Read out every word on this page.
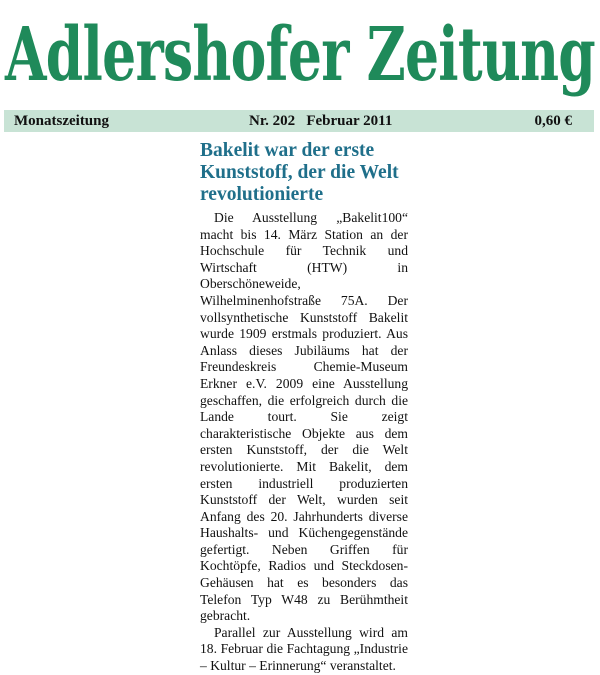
Adlershofer Zeitung
Monatszeitung	Nr. 202   Februar 2011	0,60 €
Bakelit war der erste Kunststoff, der die Welt revolutionierte

Die Ausstellung „Bakelit100“ macht bis 14. März Station an der Hochschule für Technik und Wirtschaft (HTW) in Oberschöneweide, Wilhelminenhofstraße 75A. Der vollsynthetische Kunststoff Bakelit wurde 1909 erstmals produziert. Aus Anlass dieses Jubiläums hat der Freundeskreis Chemie-Museum Erkner e.V. 2009 eine Ausstellung geschaffen, die erfolgreich durch die Lande tourt. Sie zeigt charakteristische Objekte aus dem ersten Kunststoff, der die Welt revolutionierte. Mit Bakelit, dem ersten industriell produzierten Kunststoff der Welt, wurden seit Anfang des 20. Jahrhunderts diverse Haushalts- und Küchengegenstände gefertigt. Neben Griffen für Kochtöpfe, Radios und Steckdosen-Gehäusen hat es besonders das Telefon Typ W48 zu Berühmtheit gebracht.

Parallel zur Ausstellung wird am 18. Februar die Fachtagung „Industrie – Kultur – Erinnerung“ veranstaltet.
